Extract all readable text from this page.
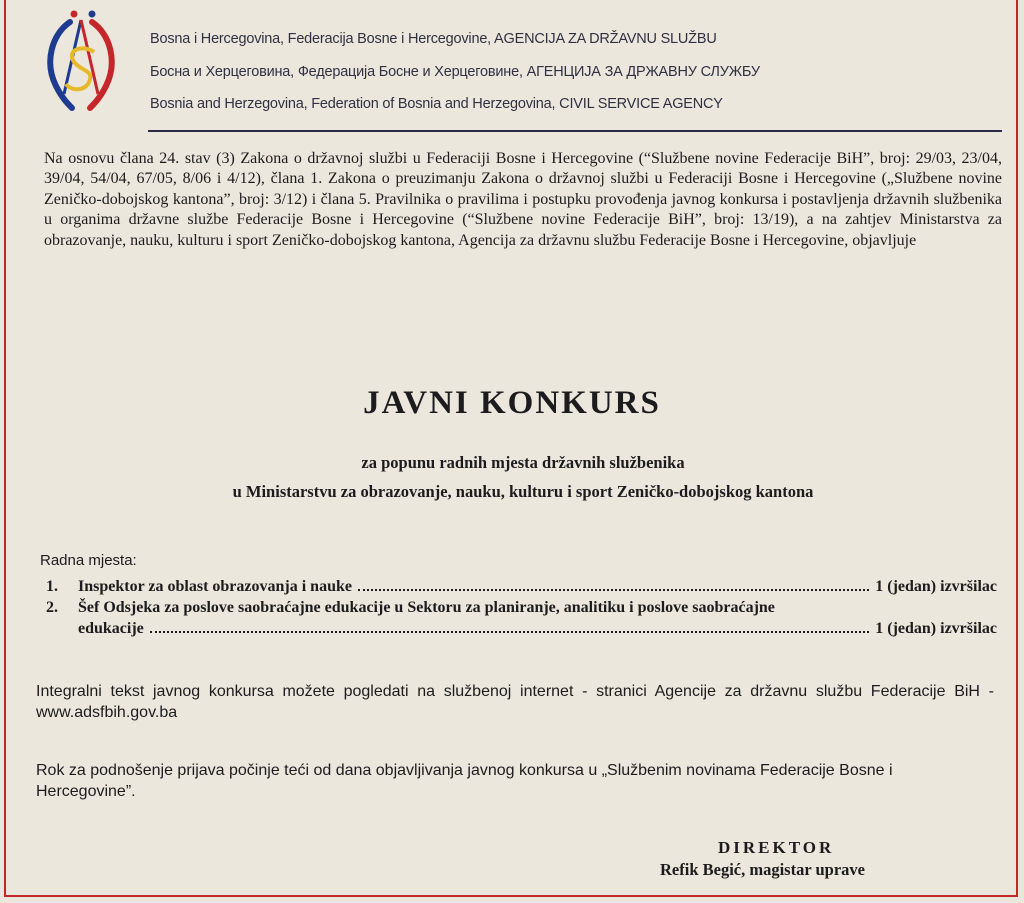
Bosna i Hercegovina, Federacija Bosne i Hercegovine, AGENCIJA ZA DRŽAVNU SLUŽBU
Босна и Херцеговина, Федерација Босне и Херцеговине, АГЕНЦИЈА ЗА ДРЖАВНУ СЛУЖБУ
Bosnia and Herzegovina, Federation of Bosnia and Herzegovina, CIVIL SERVICE AGENCY

Na osnovu člana 24. stav (3) Zakona o državnoj službi u Federaciji Bosne i Hercegovine (“Službene novine Federacije BiH”, broj: 29/03, 23/04, 39/04, 54/04, 67/05, 8/06 i 4/12), člana 1. Zakona o preuzimanju Zakona o državnoj službi u Federaciji Bosne i Hercegovine („Službene novine Zeničko-dobojskog kantona”, broj: 3/12) i člana 5. Pravilnika o pravilima i postupku provođenja javnog konkursa i postavljenja državnih službenika u organima državne službe Federacije Bosne i Hercegovine (“Službene novine Federacije BiH”, broj: 13/19), a na zahtjev Ministarstva za obrazovanje, nauku, kulturu i sport Zeničko-dobojskog kantona, Agencija za državnu službu Federacije Bosne i Hercegovine, objavljuje

JAVNI KONKURS

za popunu radnih mjesta državnih službenika

u Ministarstvu za obrazovanje, nauku, kulturu i sport Zeničko-dobojskog kantona

Radna mjesta:
1. Inspektor za oblast obrazovanja i nauke	1 (jedan) izvršilac
2. Šef Odsjeka za poslove saobraćajne edukacije u Sektoru za planiranje, analitiku i poslove saobraćajne
edukacije	1 (jedan) izvršilac

Integralni tekst javnog konkursa možete pogledati na službenoj internet - stranici Agencije za državnu službu Federacije BiH - www.adsfbih.gov.ba

Rok za podnošenje prijava počinje teći od dana objavljivanja javnog konkursa u „Službenim novinama Federacije Bosne i Hercegovine”.

DIREKTOR
Refik Begić, magistar uprave
